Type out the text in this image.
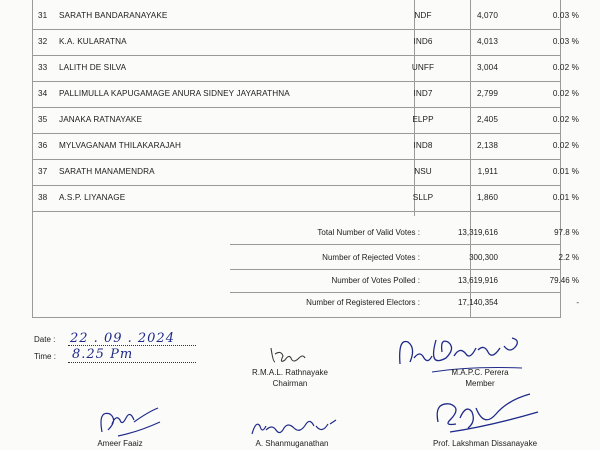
31 SARATH BANDARANAYAKE	NDF	4,070	0.03 %
32 K.A. KULARATNA	IND6	4,013	0.03 %
33 LALITH DE SILVA	UNFF	3,004	0.02 %
34 PALLIMULLA KAPUGAMAGE ANURA SIDNEY JAYARATHNA	IND7	2,799	0.02 %
35 JANAKA RATNAYAKE	ELPP	2,405	0.02 %
36 MYLVAGANAM THILAKARAJAH	IND8	2,138	0.02 %
37 SARATH MANAMENDRA	NSU	1,911	0.01 %
38 A.S.P. LIYANAGE	SLLP	1,860	0.01 %
Total Number of Valid Votes :	13,319,616	97.8 %
Number of Rejected Votes :	300,300	2.2 %
Number of Votes Polled :	13,619,916	79.46 %
Number of Registered Electors :	17,140,354	-
Date : 22 . 09 . 2024
Time : 8.25 Pm
R.M.A.L. Rathnayake
Chairman
M.A.P.C. Perera
Member
Ameer Faaiz	A. Shanmuganathan	Prof. Lakshman Dissanayake
